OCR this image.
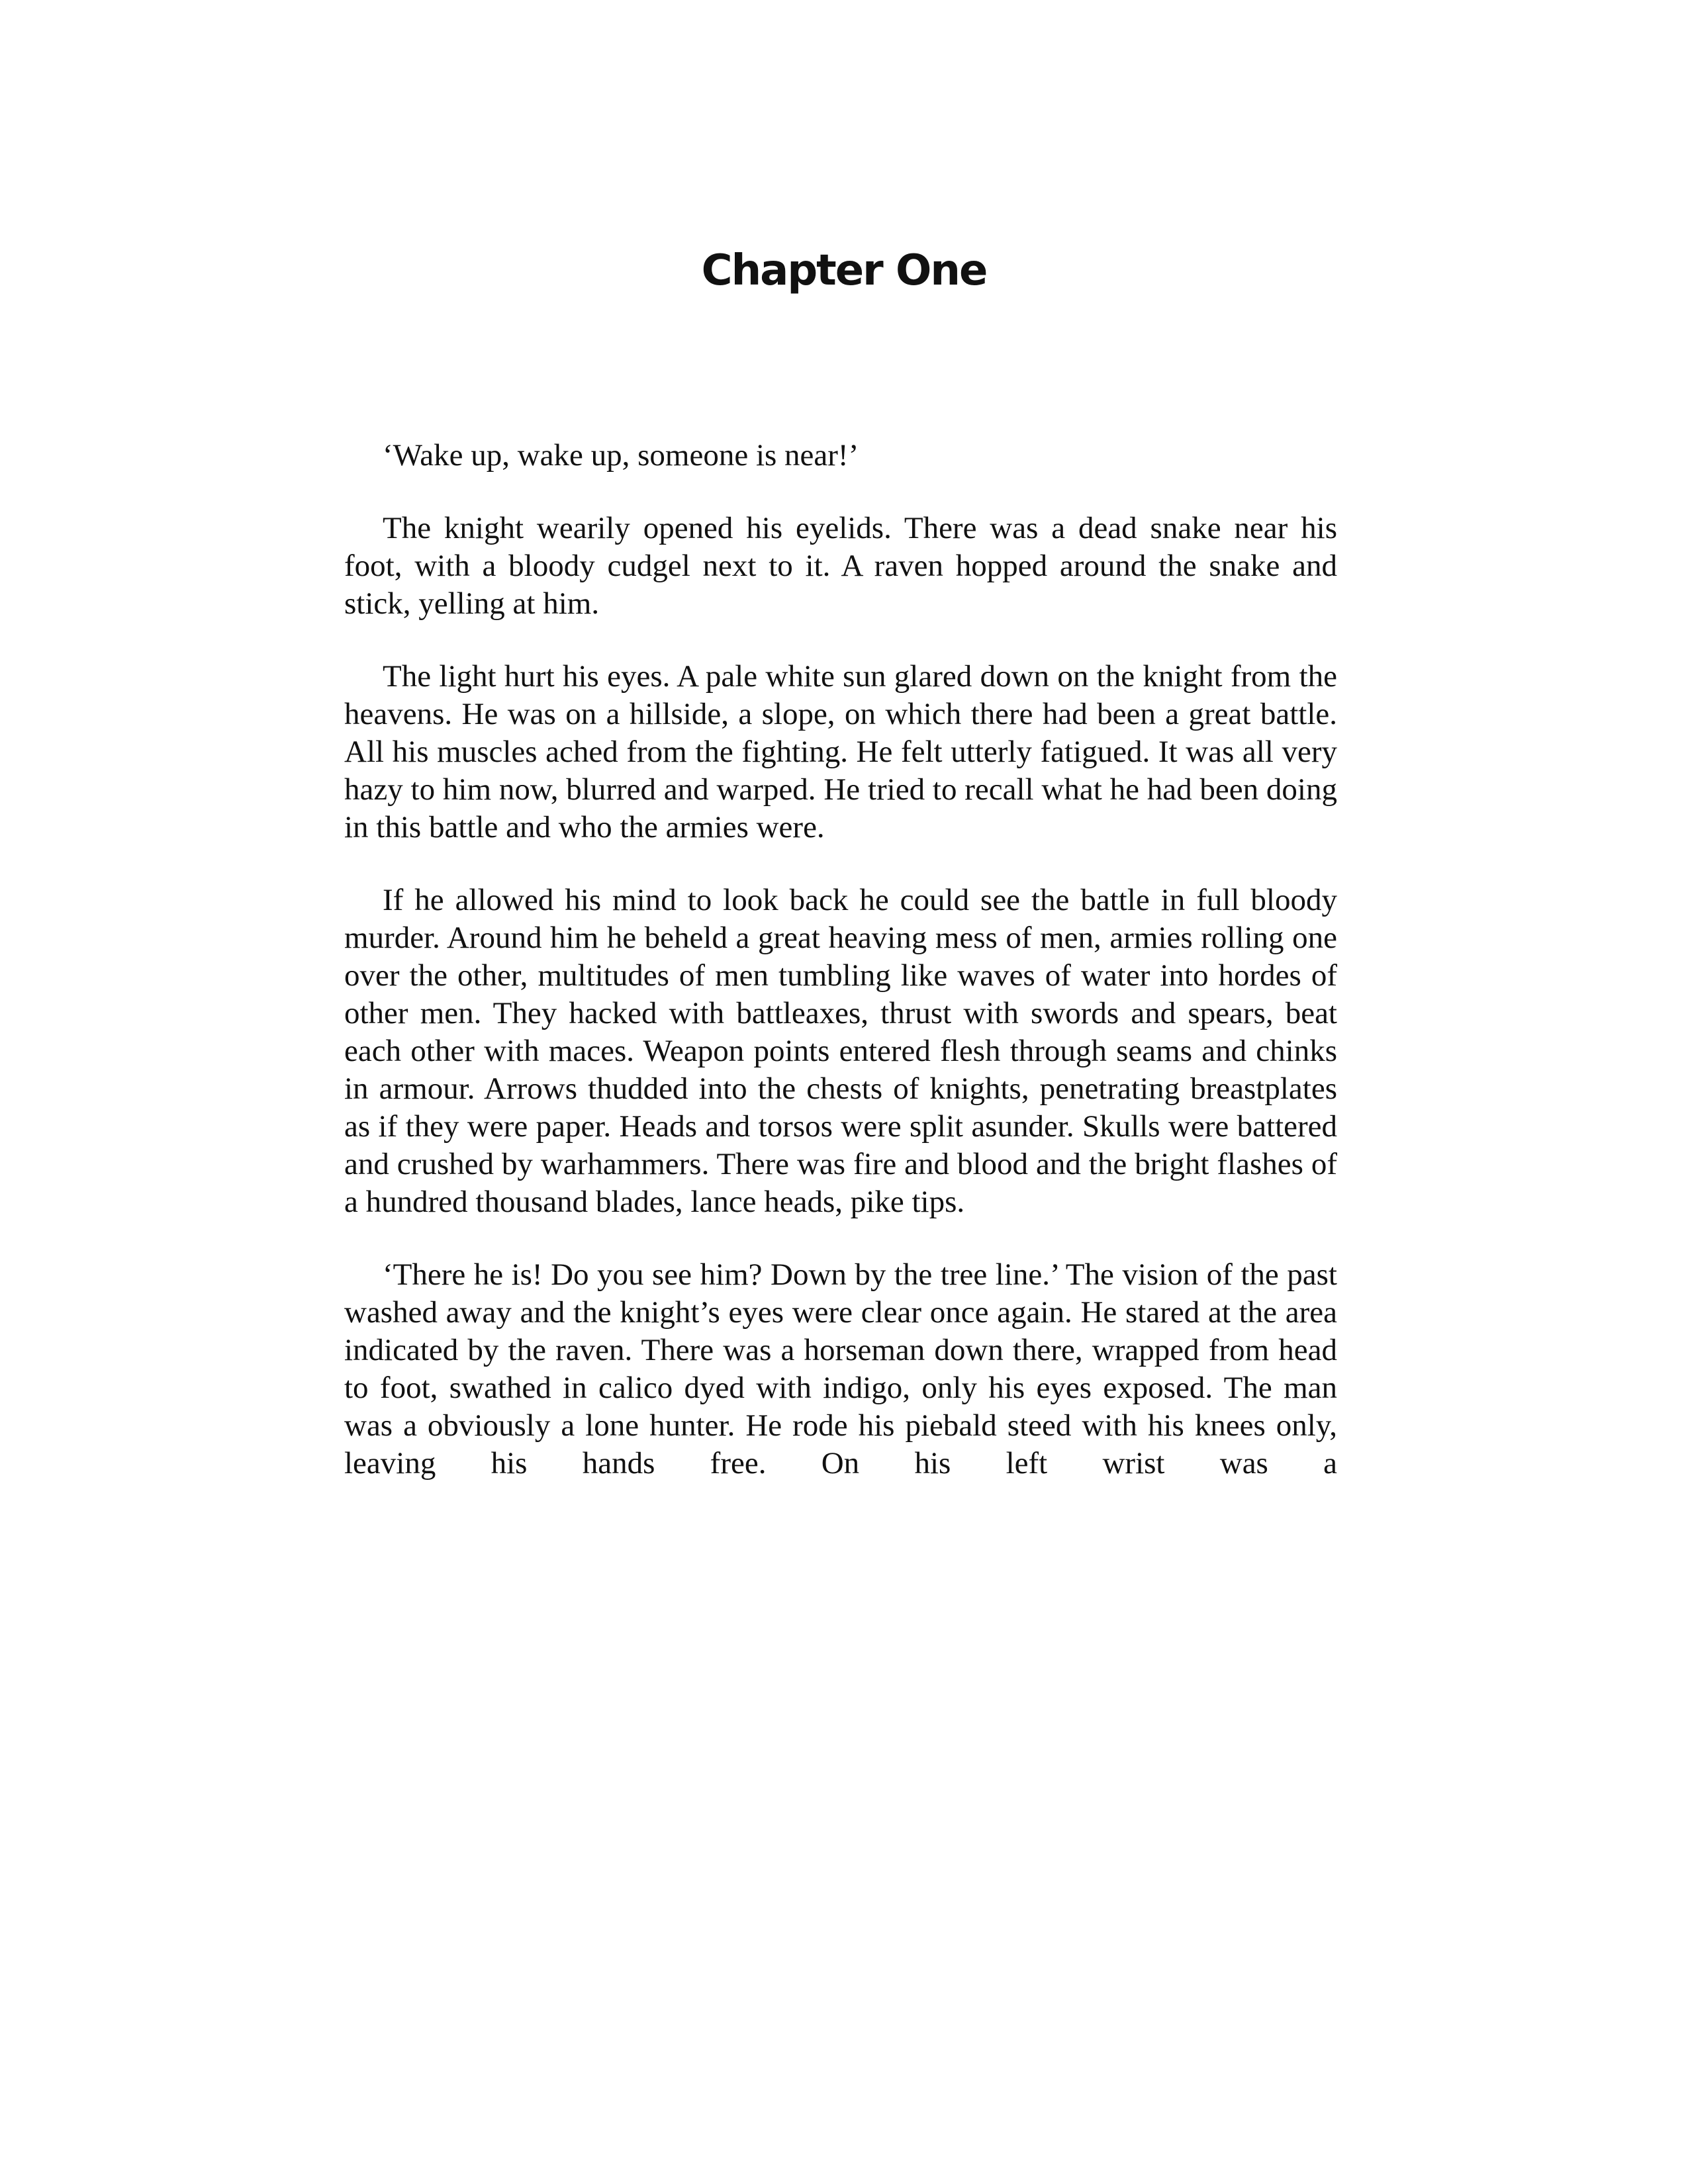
Chapter One

‘Wake up, wake up, someone is near!’

The knight wearily opened his eyelids. There was a dead snake near his foot, with a bloody cudgel next to it. A raven hopped around the snake and stick, yelling at him.

The light hurt his eyes. A pale white sun glared down on the knight from the heavens. He was on a hillside, a slope, on which there had been a great battle. All his muscles ached from the fighting. He felt utterly fatigued. It was all very hazy to him now, blurred and warped. He tried to recall what he had been doing in this battle and who the armies were.

If he allowed his mind to look back he could see the battle in full bloody murder. Around him he beheld a great heaving mess of men, armies rolling one over the other, multitudes of men tumbling like waves of water into hordes of other men. They hacked with battleaxes, thrust with swords and spears, beat each other with maces. Weapon points entered flesh through seams and chinks in armour. Arrows thudded into the chests of knights, penetrating breastplates as if they were paper. Heads and torsos were split asunder. Skulls were battered and crushed by warhammers. There was fire and blood and the bright flashes of a hundred thousand blades, lance heads, pike tips.

‘There he is! Do you see him? Down by the tree line.’ The vision of the past washed away and the knight’s eyes were clear once again. He stared at the area indicated by the raven. There was a horseman down there, wrapped from head to foot, swathed in calico dyed with indigo, only his eyes exposed. The man was a obviously a lone hunter. He rode his piebald steed with his knees only, leaving his hands free. On his left wrist was a
